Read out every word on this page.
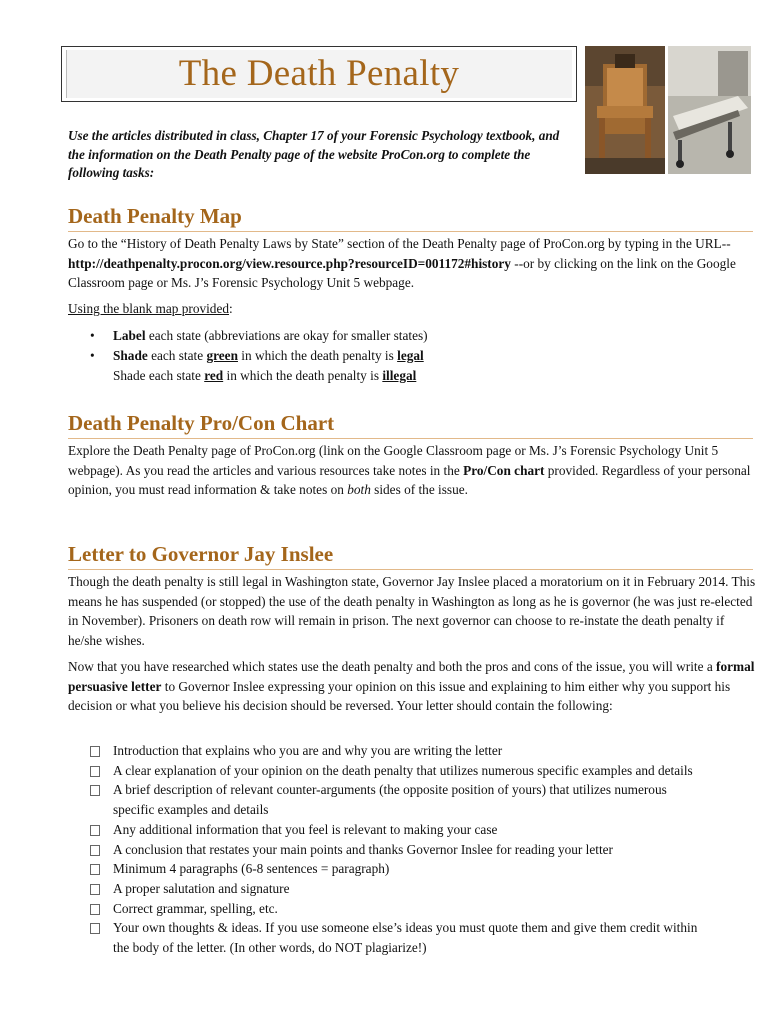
The Death Penalty
Use the articles distributed in class, Chapter 17 of your Forensic Psychology textbook, and the information on the Death Penalty page of the website ProCon.org to complete the following tasks:
Death Penalty Map
Go to the “History of Death Penalty Laws by State” section of the Death Penalty page of ProCon.org by typing in the URL-- http://deathpenalty.procon.org/view.resource.php?resourceID=001172#history --or by clicking on the link on the Google Classroom page or Ms. J’s Forensic Psychology Unit 5 webpage.
Using the blank map provided:
• Label each state (abbreviations are okay for smaller states)
• Shade each state green in which the death penalty is legal
Shade each state red in which the death penalty is illegal
Death Penalty Pro/Con Chart
Explore the Death Penalty page of ProCon.org (link on the Google Classroom page or Ms. J’s Forensic Psychology Unit 5 webpage). As you read the articles and various resources take notes in the Pro/Con chart provided. Regardless of your personal opinion, you must read information & take notes on both sides of the issue.
Letter to Governor Jay Inslee
Though the death penalty is still legal in Washington state, Governor Jay Inslee placed a moratorium on it in February 2014. This means he has suspended (or stopped) the use of the death penalty in Washington as long as he is governor (he was just re-elected in November). Prisoners on death row will remain in prison. The next governor can choose to re-instate the death penalty if he/she wishes.
Now that you have researched which states use the death penalty and both the pros and cons of the issue, you will write a formal persuasive letter to Governor Inslee expressing your opinion on this issue and explaining to him either why you support his decision or what you believe his decision should be reversed. Your letter should contain the following:
Introduction that explains who you are and why you are writing the letter
A clear explanation of your opinion on the death penalty that utilizes numerous specific examples and details
A brief description of relevant counter-arguments (the opposite position of yours) that utilizes numerous specific examples and details
Any additional information that you feel is relevant to making your case
A conclusion that restates your main points and thanks Governor Inslee for reading your letter
Minimum 4 paragraphs (6-8 sentences = paragraph)
A proper salutation and signature
Correct grammar, spelling, etc.
Your own thoughts & ideas. If you use someone else’s ideas you must quote them and give them credit within the body of the letter. (In other words, do NOT plagiarize!)
